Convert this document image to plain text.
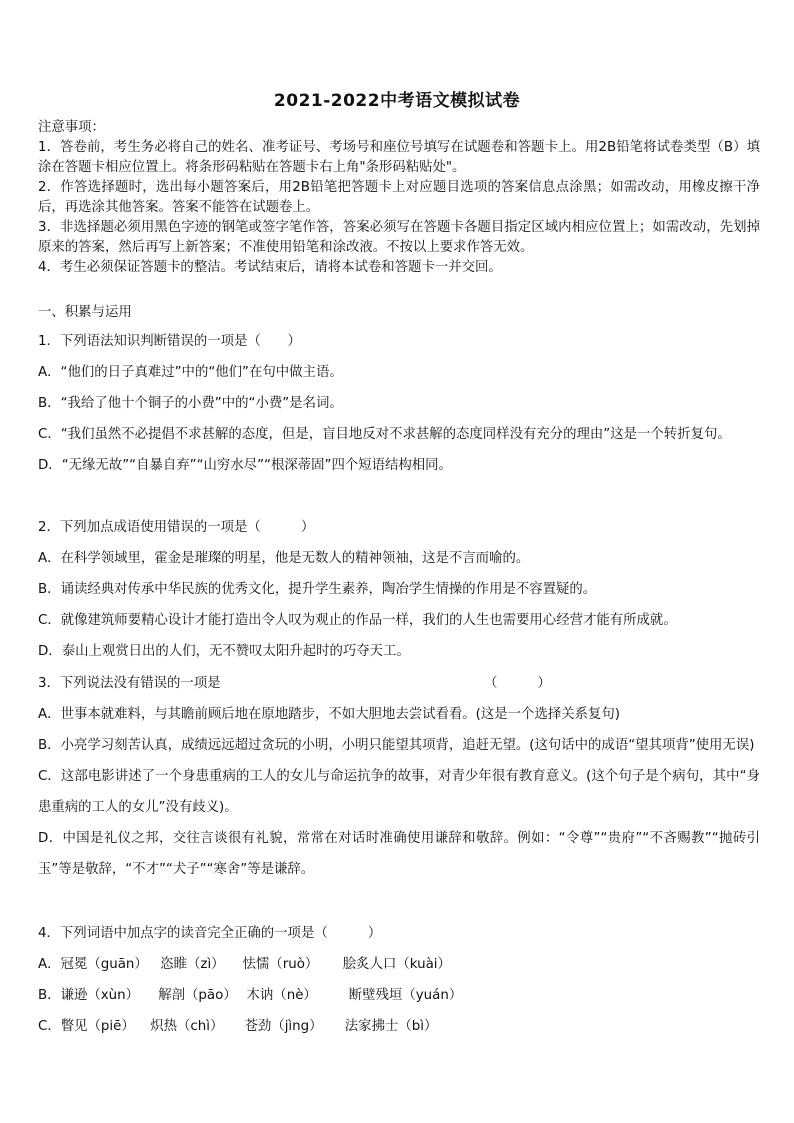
2021-2022中考语文模拟试卷

注意事项：

1．答卷前，考生务必将自己的姓名、准考证号、考场号和座位号填写在试题卷和答题卡上。用2B铅笔将试卷类型（B）填涂在答题卡相应位置上。将条形码粘贴在答题卡右上角"条形码粘贴处"。

2．作答选择题时，选出每小题答案后，用2B铅笔把答题卡上对应题目选项的答案信息点涂黑；如需改动，用橡皮擦干净后，再选涂其他答案。答案不能答在试题卷上。

3．非选择题必须用黑色字迹的钢笔或签字笔作答，答案必须写在答题卡各题目指定区域内相应位置上；如需改动，先划掉原来的答案，然后再写上新答案；不准使用铅笔和涂改液。不按以上要求作答无效。

4．考生必须保证答题卡的整洁。考试结束后，请将本试卷和答题卡一并交回。

一、积累与运用

1．下列语法知识判断错误的一项是（　　）

A．“他们的日子真难过”中的“他们”在句中做主语。

B．“我给了他十个铜子的小费”中的“小费”是名词。

C．“我们虽然不必提倡不求甚解的态度，但是，盲目地反对不求甚解的态度同样没有充分的理由”这是一个转折复句。

D．“无缘无故”“自暴自弃”“山穷水尽”“根深蒂固”四个短语结构相同。

2．下列加点成语使用错误的一项是（　　　）

A．在科学领域里，霍金是璀璨的明星，他是无数人的精神领袖，这是不言而喻的。

B．诵读经典对传承中华民族的优秀文化，提升学生素养，陶冶学生情操的作用是不容置疑的。

C．就像建筑师要精心设计才能打造出令人叹为观止的作品一样，我们的人生也需要用心经营才能有所成就。

D．泰山上观赏日出的人们，无不赞叹太阳升起时的巧夺天工。

3．下列说法没有错误的一项是	（　　　）

A．世事本就难料，与其瞻前顾后地在原地踏步，不如大胆地去尝试看看。(这是一个选择关系复句)

B．小亮学习刻苦认真，成绩远远超过贪玩的小明，小明只能望其项背，追赶无望。(这句话中的成语“望其项背”使用无误)

C．这部电影讲述了一个身患重病的工人的女儿与命运抗争的故事，对青少年很有教育意义。(这个句子是个病句，其中“身患重病的工人的女儿”没有歧义)。

D．中国是礼仪之邦，交往言谈很有礼貌，常常在对话时准确使用谦辞和敬辞。例如：“令尊”“贵府”“不吝赐教”“抛砖引玉”等是敬辞，“不才”“犬子”“寒舍”等是谦辞。

4．下列词语中加点字的读音完全正确的一项是（　　　）

A．冠冕（guān） 恣睢（zì） 怯懦（ruò） 脍炙人口（kuài）

B．谦逊（xùn） 解剖（pāo） 木讷（nè） 断壁残垣（yuán）

C．瞥见（piē） 炽热（chì） 苍劲（jìng） 法家拂士（bì）
